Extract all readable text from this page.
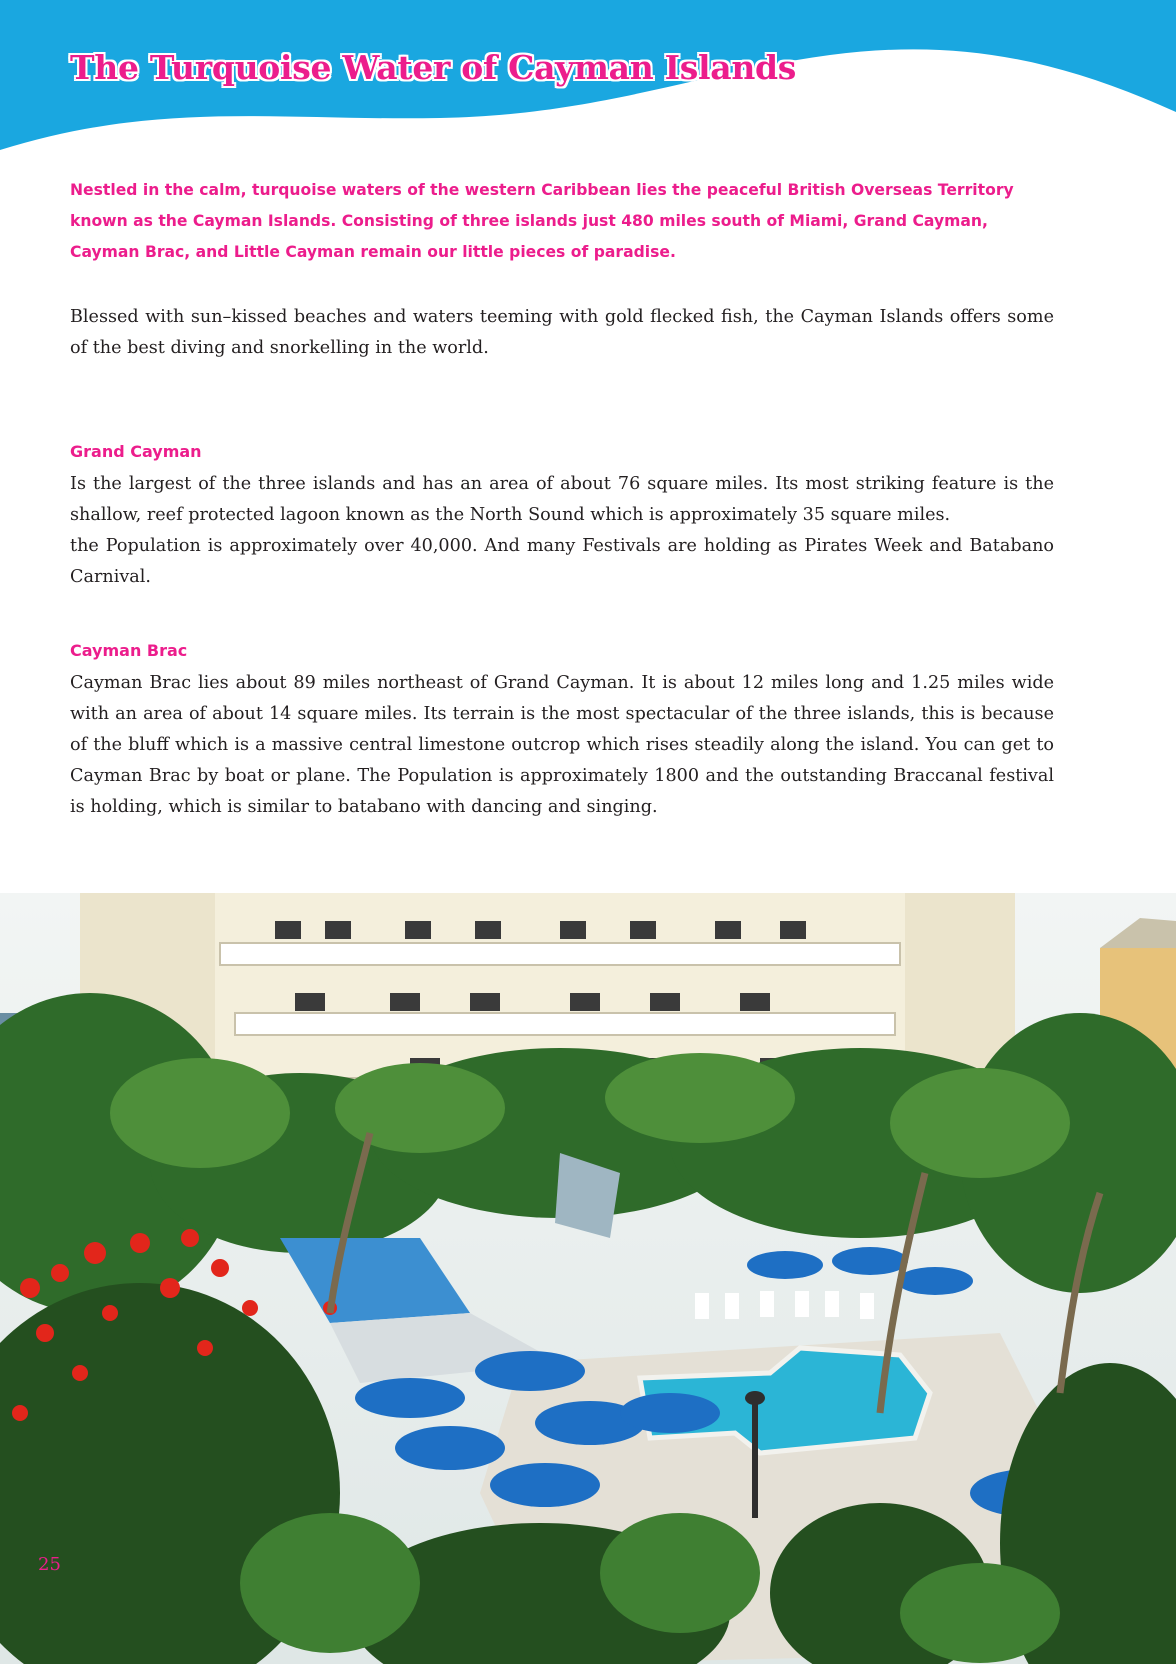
The Turquoise Water of Cayman Islands

Nestled in the calm, turquoise waters of the western Caribbean lies the peaceful British Overseas Territory known as the Cayman Islands. Consisting of three islands just 480 miles south of Miami, Grand Cayman, Cayman Brac, and Little Cayman remain our little pieces of paradise.

Blessed with sun–kissed beaches and waters teeming with gold flecked fish, the Cayman Islands offers some of the best diving and snorkelling in the world.

Grand Cayman

Is the largest of the three islands and has an area of about 76 square miles. Its most striking feature is the shallow, reef protected lagoon known as the North Sound which is approximately 35 square miles.

the Population is approximately over 40,000. And many Festivals are holding as Pirates Week and Batabano Carnival.

Cayman Brac

Cayman Brac lies about 89 miles northeast of Grand Cayman. It is about 12 miles long and 1.25 miles wide with an area of about 14 square miles. Its terrain is the most spectacular of the three islands, this is because of the bluff which is a massive central limestone outcrop which rises steadily along the island. You can get to Cayman Brac by boat or plane. The Population is approximately 1800 and the outstanding Braccanal festival is holding, which is similar to batabano with dancing and singing.

25
